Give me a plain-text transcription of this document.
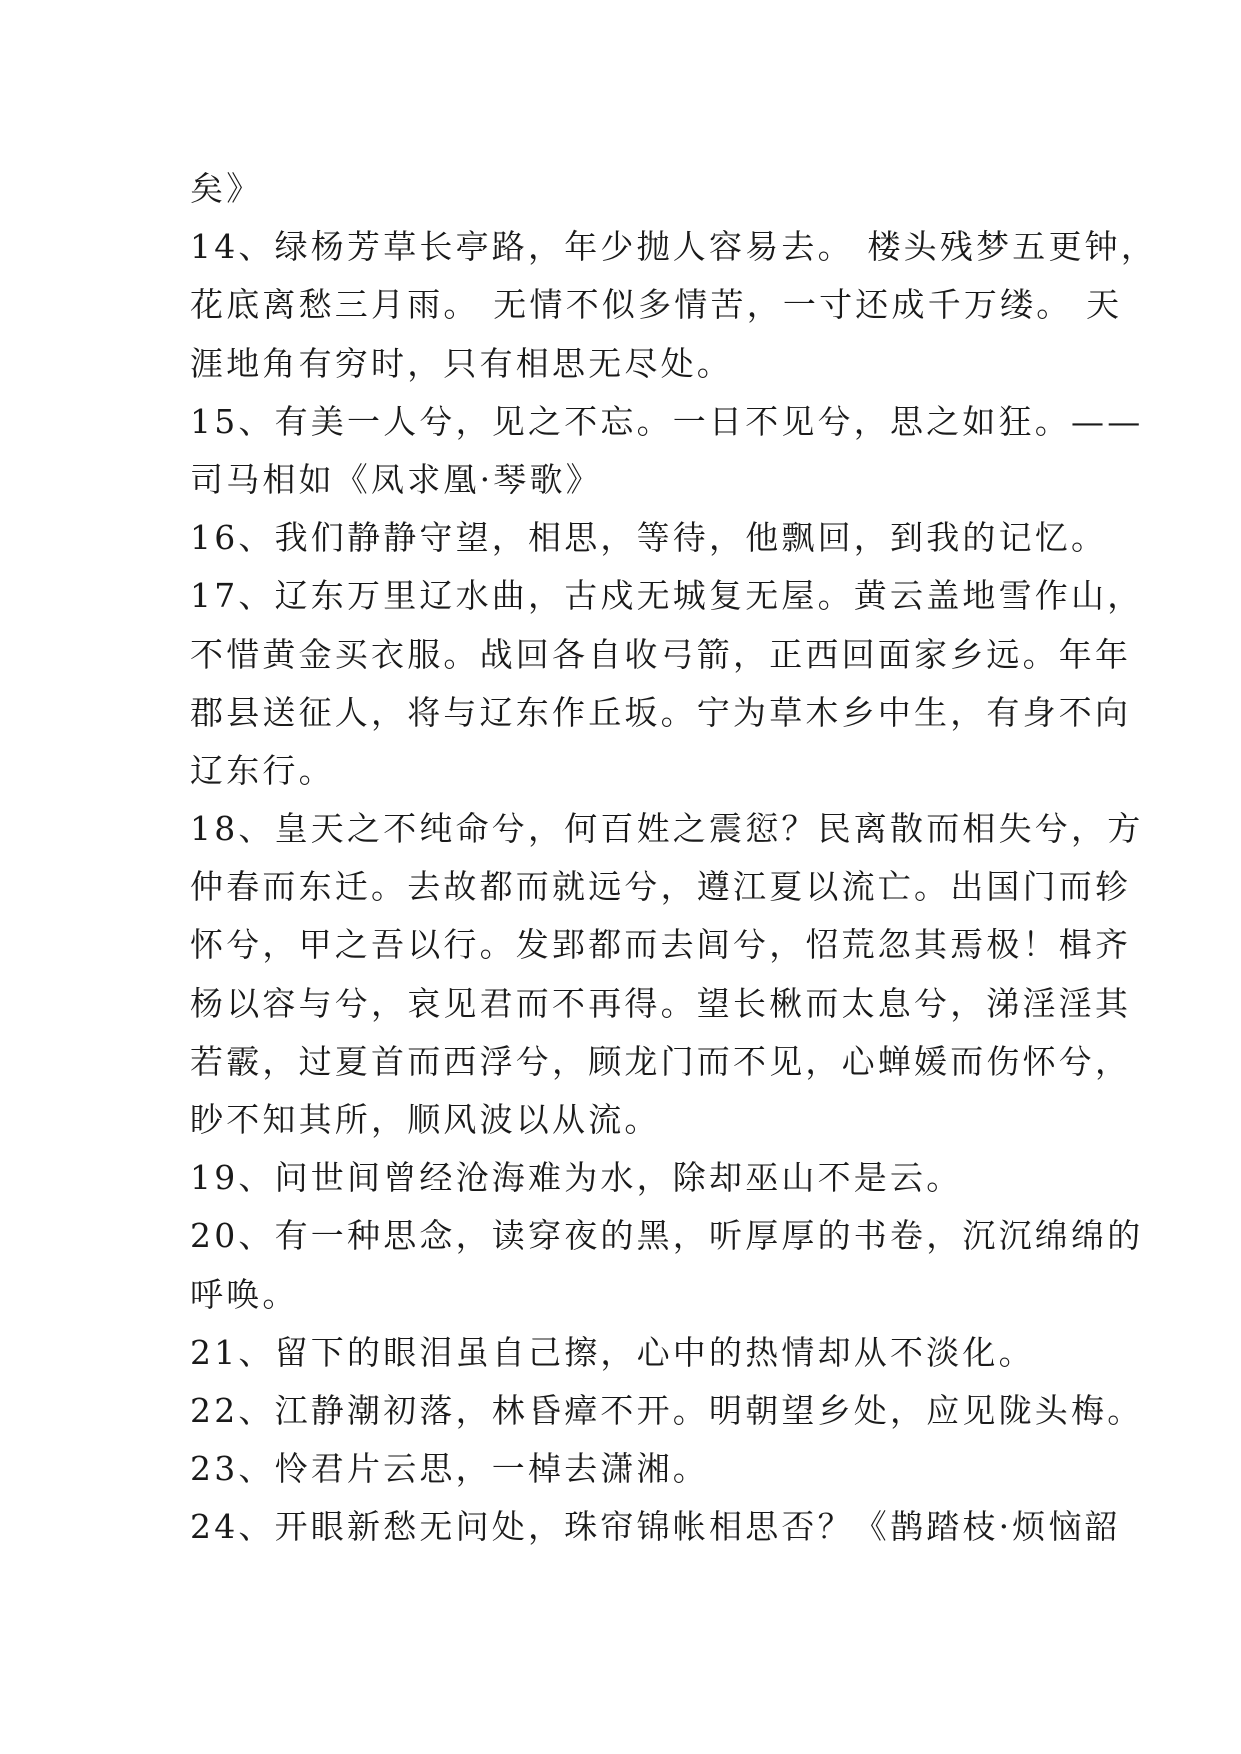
矣》
14、绿杨芳草长亭路，年少抛人容易去。 楼头残梦五更钟，
花底离愁三月雨。 无情不似多情苦，一寸还成千万缕。 天
涯地角有穷时，只有相思无尽处。
15、有美一人兮，见之不忘。一日不见兮，思之如狂。——
司马相如《凤求凰·琴歌》
16、我们静静守望，相思，等待，他飘回，到我的记忆。
17、辽东万里辽水曲，古戍无城复无屋。黄云盖地雪作山，
不惜黄金买衣服。战回各自收弓箭，正西回面家乡远。年年
郡县送征人，将与辽东作丘坂。宁为草木乡中生，有身不向
辽东行。
18、皇天之不纯命兮，何百姓之震愆？民离散而相失兮，方
仲春而东迁。去故都而就远兮，遵江夏以流亡。出国门而轸
怀兮，甲之吾以行。发郢都而去闾兮，怊荒忽其焉极！楫齐
杨以容与兮，哀见君而不再得。望长楸而太息兮，涕淫淫其
若霰，过夏首而西浮兮，顾龙门而不见，心蝉媛而伤怀兮，
眇不知其所，顺风波以从流。
19、问世间曾经沧海难为水，除却巫山不是云。
20、有一种思念，读穿夜的黑，听厚厚的书卷，沉沉绵绵的
呼唤。
21、留下的眼泪虽自己擦，心中的热情却从不淡化。
22、江静潮初落，林昏瘴不开。明朝望乡处，应见陇头梅。
23、怜君片云思，一棹去潇湘。
24、开眼新愁无问处，珠帘锦帐相思否？《鹊踏枝·烦恼韶
